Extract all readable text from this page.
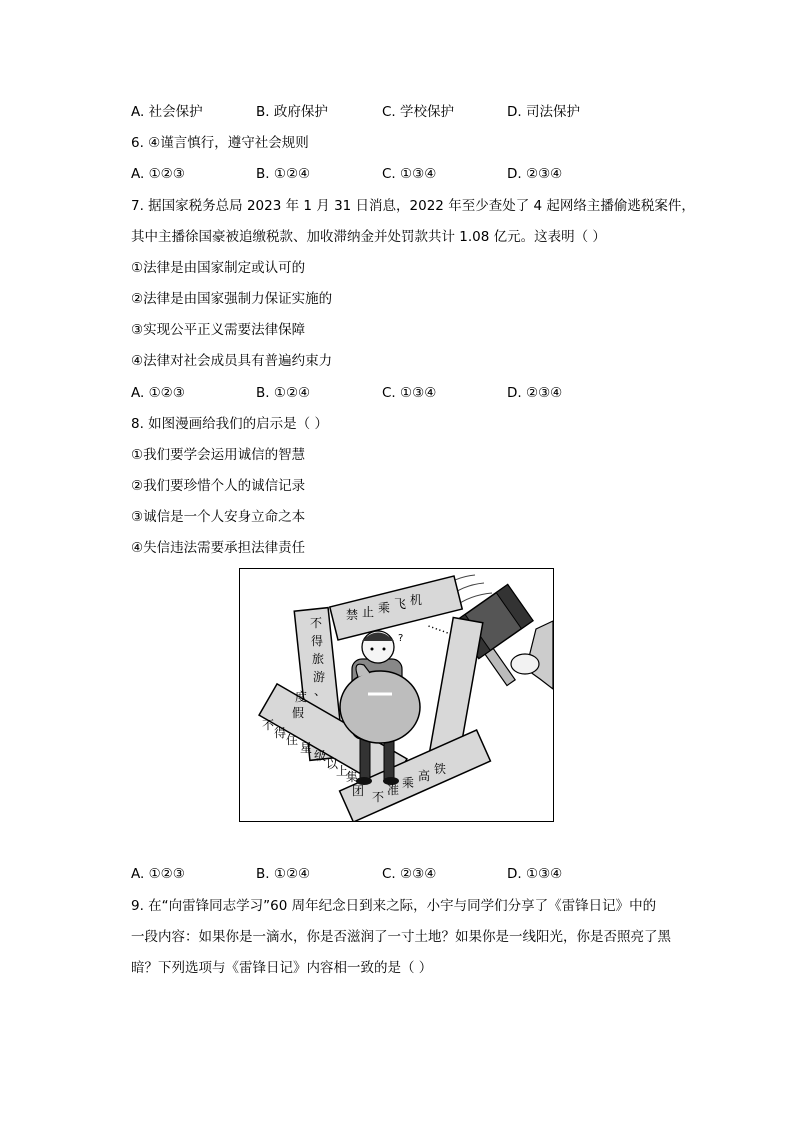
A. 社会保护	B. 政府保护	C. 学校保护	D. 司法保护
6. ④谨言慎行，遵守社会规则
A. ①②③	B. ①②④	C. ①③④	D. ②③④
7. 据国家税务总局 2023 年 1 月 31 日消息，2022 年至少查处了 4 起网络主播偷逃税案件，
其中主播徐国豪被追缴税款、加收滞纳金并处罚款共计 1.08 亿元。这表明（ ）
①法律是由国家制定或认可的
②法律是由国家强制力保证实施的
③实现公平正义需要法律保障
④法律对社会成员具有普遍约束力
A. ①②③	B. ①②④	C. ①③④	D. ②③④
8. 如图漫画给我们的启示是（ ）
①我们要学会运用诚信的智慧
②我们要珍惜个人的诚信记录
③诚信是一个人安身立命之本
④失信违法需要承担法律责任
? ······
禁 止 乘 飞 机
不
得
旅
游
、
度
假
不
得 住
星
级
以
上
集
团 不 准 乘 高 铁
A. ①②③	B. ①②④	C. ②③④	D. ①③④
9. 在“向雷锋同志学习”60 周年纪念日到来之际，小宇与同学们分享了《雷锋日记》中的
一段内容：如果你是一滴水，你是否滋润了一寸土地？如果你是一线阳光，你是否照亮了黑
暗？下列选项与《雷锋日记》内容相一致的是（ ）
